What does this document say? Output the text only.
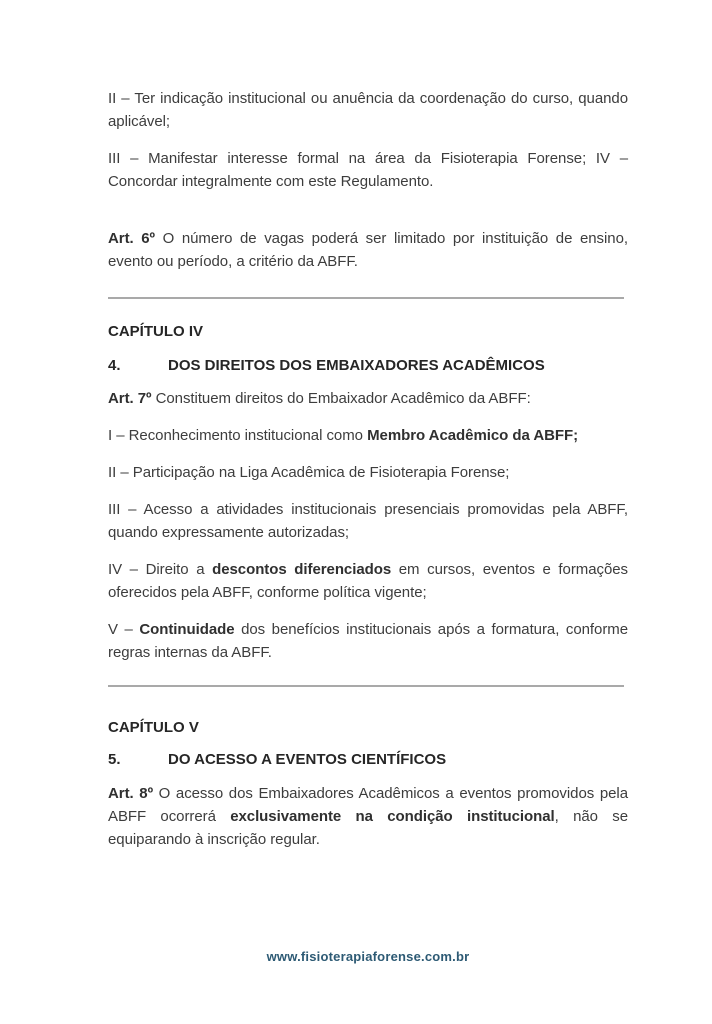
II – Ter indicação institucional ou anuência da coordenação do curso, quando aplicável;

III – Manifestar interesse formal na área da Fisioterapia Forense; IV – Concordar integralmente com este Regulamento.

Art. 6º O número de vagas poderá ser limitado por instituição de ensino, evento ou período, a critério da ABFF.

CAPÍTULO IV

4.	DOS DIREITOS DOS EMBAIXADORES ACADÊMICOS

Art. 7º Constituem direitos do Embaixador Acadêmico da ABFF:

I – Reconhecimento institucional como Membro Acadêmico da ABFF;

II – Participação na Liga Acadêmica de Fisioterapia Forense;

III – Acesso a atividades institucionais presenciais promovidas pela ABFF, quando expressamente autorizadas;

IV – Direito a descontos diferenciados em cursos, eventos e formações oferecidos pela ABFF, conforme política vigente;

V – Continuidade dos benefícios institucionais após a formatura, conforme regras internas da ABFF.

CAPÍTULO V

5.	DO ACESSO A EVENTOS CIENTÍFICOS

Art. 8º O acesso dos Embaixadores Acadêmicos a eventos promovidos pela ABFF ocorrerá exclusivamente na condição institucional, não se equiparando à inscrição regular.

www.fisioterapiaforense.com.br
